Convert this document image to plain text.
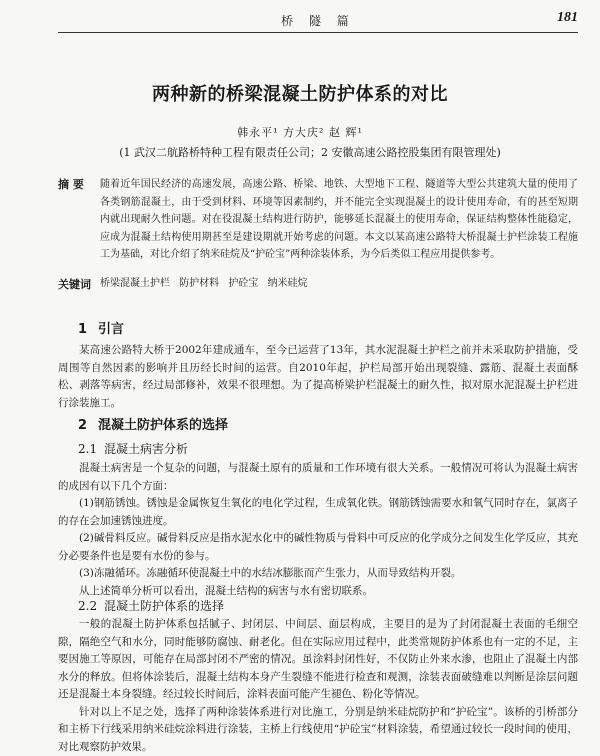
桥 隧 篇	181
两种新的桥梁混凝土防护体系的对比
韩永平¹ 方大庆² 赵 辉¹
(1 武汉二航路桥特种工程有限责任公司；2 安徽高速公路控股集团有限管理处)
摘 要 随着近年国民经济的高速发展，高速公路、桥梁、地铁、大型地下工程、隧道等大型公共建筑大量的使用了各类钢筋混凝土，由于受到材料、环境等因素制约，并不能完全实现混凝土的设计使用寿命，有的甚至短期内就出现耐久性问题。对在役混凝土结构进行防护，能够延长混凝土的使用寿命，保证结构整体性能稳定，应成为混凝土结构使用期甚至是建设期就开始考虑的问题。本文以某高速公路特大桥混凝土护栏涂装工程施工为基础，对比介绍了纳米硅烷及“护砼宝”两种涂装体系，为今后类似工程应用提供参考。
关键词 桥梁混凝土护栏 防护材料 护砼宝 纳米硅烷
1 引言

某高速公路特大桥于2002年建成通车，至今已运营了13年，其水泥混凝土护栏之前并未采取防护措施，受周围等自然因素的影响并且历经长时间的运营。自2010年起，护栏局部开始出现裂缝、露筋、混凝土表面酥松、剥落等病害，经过局部修补，效果不很理想。为了提高桥梁护栏混凝土的耐久性，拟对原水泥混凝土护栏进行涂装施工。

2 混凝土防护体系的选择
2.1 混凝土病害分析

混凝土病害是一个复杂的问题，与混凝土原有的质量和工作环境有很大关系。一般情况可将认为混凝土病害的成因有以下几个方面：

(1)钢筋锈蚀。锈蚀是金属恢复生氧化的电化学过程，生成氧化铁。钢筋锈蚀需要水和氧气同时存在，氯离子的存在会加速锈蚀进度。

(2)碱骨料反应。碱骨料反应是指水泥水化中的碱性物质与骨料中可反应的化学成分之间发生化学反应，其充分必要条件也是要有水份的参与。

(3)冻融循环。冻融循环使混凝土中的水结冰膨胀而产生张力，从而导致结构开裂。

从上述简单分析可以看出，混凝土结构的病害与水有密切联系。

2.2 混凝土防护体系的选择

一般的混凝土防护体系包括腻子、封闭层、中间层、面层构成，主要目的是为了封闭混凝土表面的毛细空隙，隔绝空气和水分，同时能够防腐蚀、耐老化。但在实际应用过程中，此类常规防护体系也有一定的不足，主要因施工等原因，可能存在局部封闭不严密的情况。虽涂料封闭性好，不仅防止外来水渗，也阻止了混凝土内部水分的释放。但将体涂装后，混凝土结构本身产生裂缝不能进行检查和观测，涂装表面破缝难以判断是涂层问题还是混凝土本身裂缝。经过较长时间后，涂料表面可能产生褪色、粉化等情况。

针对以上不足之处，选择了两种涂装体系进行对比施工，分别是纳米硅烷防护和“护砼宝”。该桥的引桥部分和主桥下行线采用纳米硅烷涂料进行涂装，主桥上行线使用“护砼宝”材料涂装，希望通过较长一段时间的使用，对比观察防护效果。
